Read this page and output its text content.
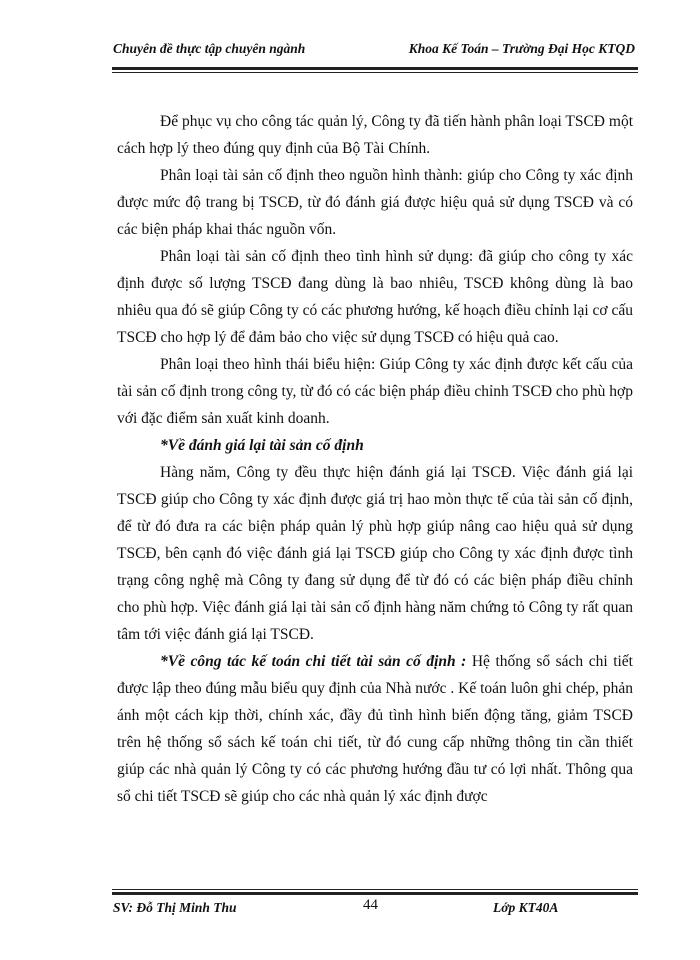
Chuyên đề thực tập chuyên ngành	Khoa Kế Toán – Trường Đại Học KTQD

Để phục vụ cho công tác quản lý, Công ty đã tiến hành phân loại TSCĐ một cách hợp lý theo đúng quy định của Bộ Tài Chính.

Phân loại tài sản cố định theo nguồn hình thành: giúp cho Công ty xác định được mức độ trang bị TSCĐ, từ đó đánh giá được hiệu quả sử dụng TSCĐ và có các biện pháp khai thác nguồn vốn.

Phân loại tài sản cố định theo tình hình sử dụng: đã giúp cho công ty xác định được số lượng TSCĐ đang dùng là bao nhiêu, TSCĐ không dùng là bao nhiêu qua đó sẽ giúp Công ty có các phương hướng, kế hoạch điều chỉnh lại cơ cấu TSCĐ cho hợp lý để đảm bảo cho việc sử dụng TSCĐ có hiệu quả cao.

Phân loại theo hình thái biểu hiện: Giúp Công ty xác định được kết cấu của tài sản cố định trong công ty, từ đó có các biện pháp điều chỉnh TSCĐ cho phù hợp với đặc điểm sản xuất kinh doanh.

*Về đánh giá lại tài sản cố định

Hàng năm, Công ty đều thực hiện đánh giá lại TSCĐ. Việc đánh giá lại TSCĐ giúp cho Công ty xác định được giá trị hao mòn thực tế của tài sản cố định, để từ đó đưa ra các biện pháp quản lý phù hợp giúp nâng cao hiệu quả sử dụng TSCĐ, bên cạnh đó việc đánh giá lại TSCĐ giúp cho Công ty xác định được tình trạng công nghệ mà Công ty đang sử dụng để từ đó có các biện pháp điều chỉnh cho phù hợp. Việc đánh giá lại tài sản cố định hàng năm chứng tỏ Công ty rất quan tâm tới việc đánh giá lại TSCĐ.

*Về công tác kế toán chi tiết tài sản cố định : Hệ thống sổ sách chi tiết được lập theo đúng mẫu biểu quy định của Nhà nước . Kế toán luôn ghi chép, phản ánh một cách kịp thời, chính xác, đầy đủ tình hình biến động tăng, giảm TSCĐ trên hệ thống sổ sách kế toán chi tiết, từ đó cung cấp những thông tin cần thiết giúp các nhà quản lý Công ty có các phương hướng đầu tư có lợi nhất. Thông qua sổ chi tiết TSCĐ sẽ giúp cho các nhà quản lý xác định được

SV: Đỗ Thị Minh Thu	44	Lớp KT40A
